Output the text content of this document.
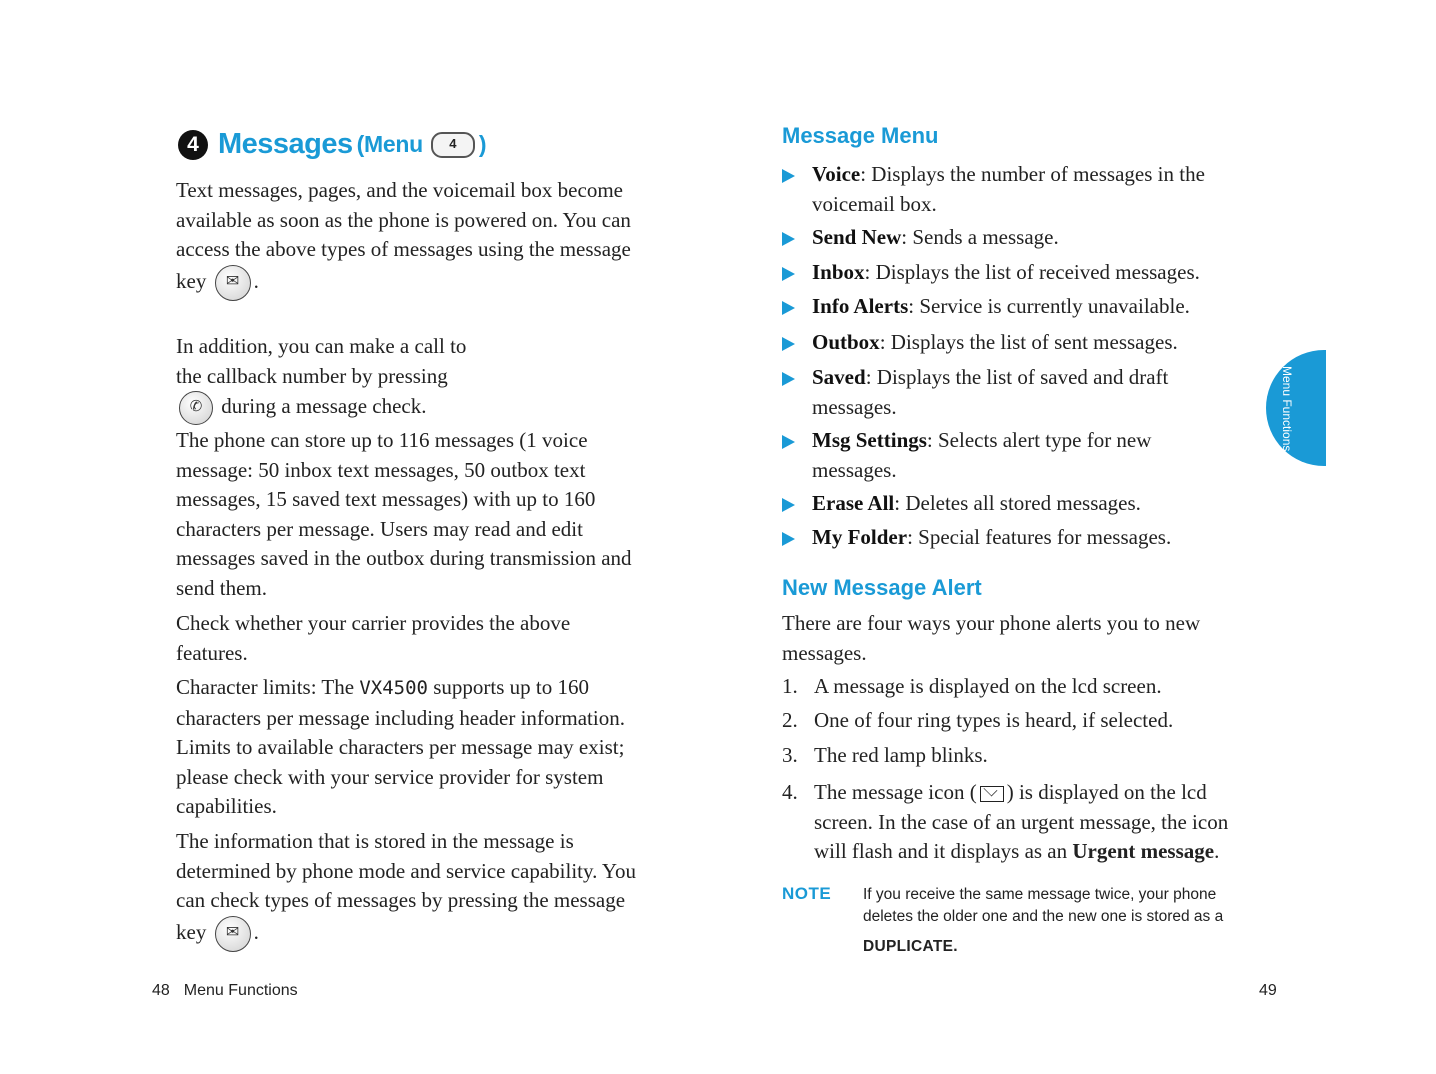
4 Messages (Menu	4 )
Text messages, pages, and the voicemail box become available as soon as the phone is powered on. You can access the above types of messages using the message key ✉ .
In addition, you can make a call to the callback number by pressing ✆ during a message check.
The phone can store up to 116 messages (1 voice message: 50 inbox text messages, 50 outbox text messages, 15 saved text messages) with up to 160 characters per message. Users may read and edit messages saved in the outbox during transmission and send them.
Check whether your carrier provides the above features.
Character limits: The VX4500 supports up to 160 characters per message including header information. Limits to available characters per message may exist; please check with your service provider for system capabilities.
The information that is stored in the message is determined by phone mode and service capability. You can check types of messages by pressing the message key ✉ .
Message Menu
Voice: Displays the number of messages in the voicemail box.
Send New: Sends a message.
Inbox: Displays the list of received messages.
Info Alerts: Service is currently unavailable.
Outbox: Displays the list of sent messages.
Saved: Displays the list of saved and draft messages.
Msg Settings: Selects alert type for new messages.
Erase All: Deletes all stored messages.
My Folder: Special features for messages.
New Message Alert
There are four ways your phone alerts you to new messages.
1. A message is displayed on the lcd screen.
2. One of four ring types is heard, if selected.
3. The red lamp blinks.
4. The message icon ( ) is displayed on the lcd screen. In the case of an urgent message, the icon will flash and it displays as an Urgent message.
NOTE If you receive the same message twice, your phone deletes the older one and the new one is stored as a
DUPLICATE.
48 Menu Functions	49
Menu Functions
